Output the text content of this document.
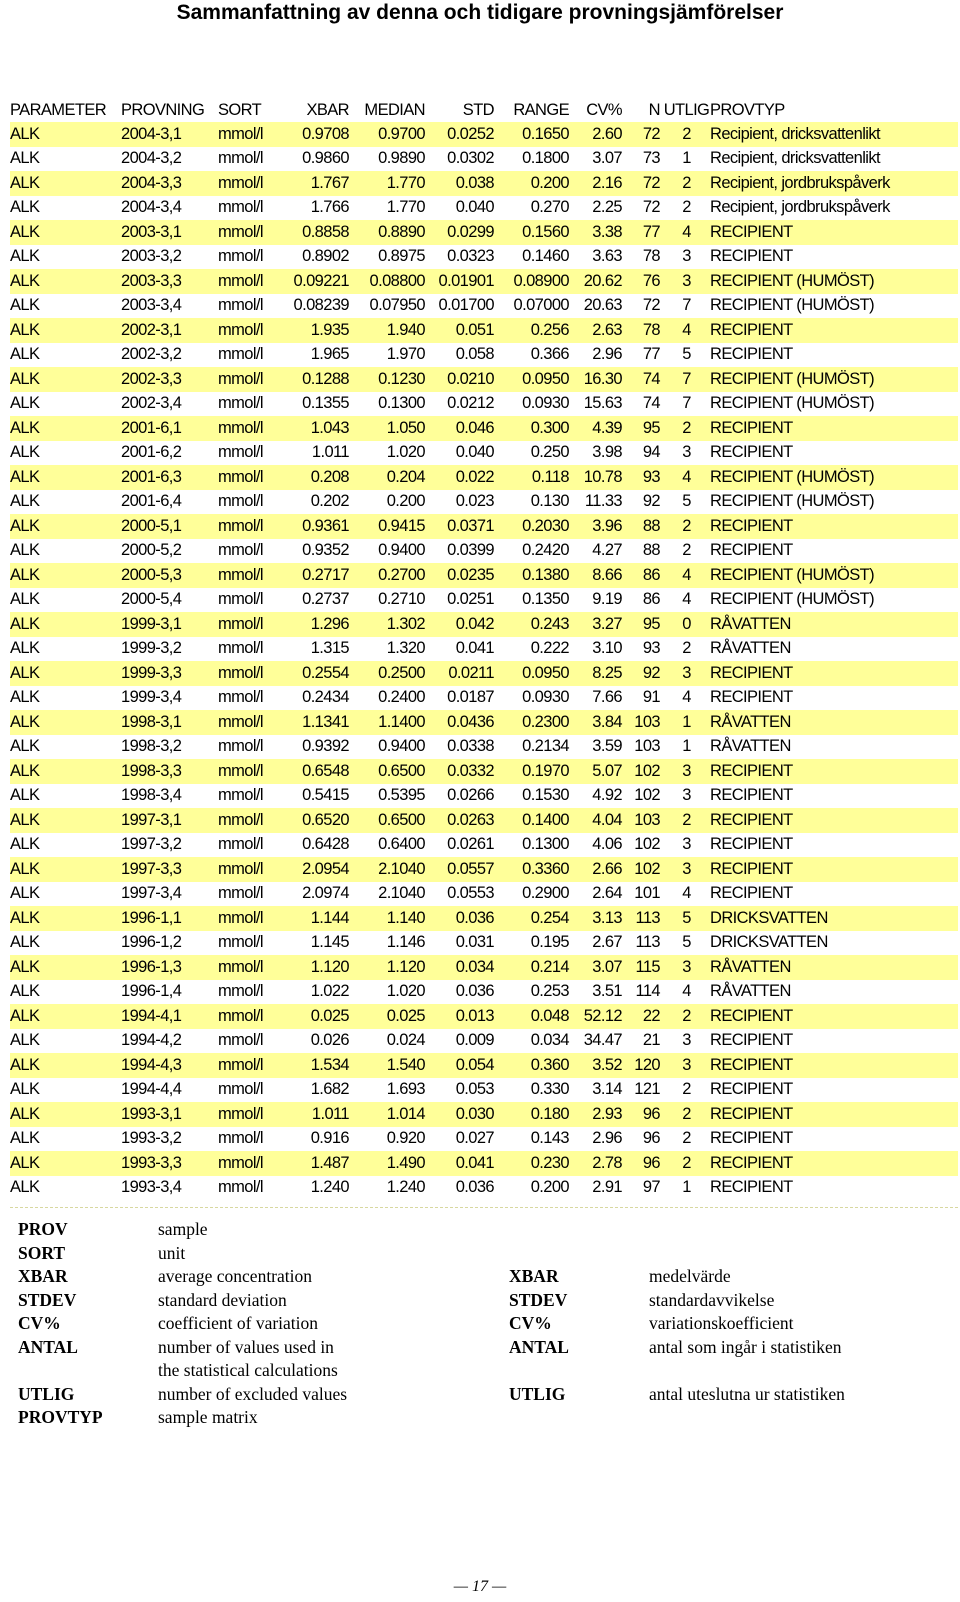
Sammanfattning av denna och tidigare provningsjämförelser
PARAMETER	PROVNING	SORT	XBAR	MEDIAN	STD	RANGE	CV%	N	UTLIG	PROVTYP
ALK	2004-3,1	mmol/l	0.9708	0.9700	0.0252	0.1650	2.60	72	2	Recipient, dricksvattenlikt
ALK	2004-3,2	mmol/l	0.9860	0.9890	0.0302	0.1800	3.07	73	1	Recipient, dricksvattenlikt
ALK	2004-3,3	mmol/l	1.767	1.770	0.038	0.200	2.16	72	2	Recipient, jordbrukspåverk
ALK	2004-3,4	mmol/l	1.766	1.770	0.040	0.270	2.25	72	2	Recipient, jordbrukspåverk
ALK	2003-3,1	mmol/l	0.8858	0.8890	0.0299	0.1560	3.38	77	4	RECIPIENT
ALK	2003-3,2	mmol/l	0.8902	0.8975	0.0323	0.1460	3.63	78	3	RECIPIENT
ALK	2003-3,3	mmol/l	0.09221	0.08800	0.01901	0.08900	20.62	76	3	RECIPIENT (HUMÖST)
ALK	2003-3,4	mmol/l	0.08239	0.07950	0.01700	0.07000	20.63	72	7	RECIPIENT (HUMÖST)
ALK	2002-3,1	mmol/l	1.935	1.940	0.051	0.256	2.63	78	4	RECIPIENT
ALK	2002-3,2	mmol/l	1.965	1.970	0.058	0.366	2.96	77	5	RECIPIENT
ALK	2002-3,3	mmol/l	0.1288	0.1230	0.0210	0.0950	16.30	74	7	RECIPIENT (HUMÖST)
ALK	2002-3,4	mmol/l	0.1355	0.1300	0.0212	0.0930	15.63	74	7	RECIPIENT (HUMÖST)
ALK	2001-6,1	mmol/l	1.043	1.050	0.046	0.300	4.39	95	2	RECIPIENT
ALK	2001-6,2	mmol/l	1.011	1.020	0.040	0.250	3.98	94	3	RECIPIENT
ALK	2001-6,3	mmol/l	0.208	0.204	0.022	0.118	10.78	93	4	RECIPIENT (HUMÖST)
ALK	2001-6,4	mmol/l	0.202	0.200	0.023	0.130	11.33	92	5	RECIPIENT (HUMÖST)
ALK	2000-5,1	mmol/l	0.9361	0.9415	0.0371	0.2030	3.96	88	2	RECIPIENT
ALK	2000-5,2	mmol/l	0.9352	0.9400	0.0399	0.2420	4.27	88	2	RECIPIENT
ALK	2000-5,3	mmol/l	0.2717	0.2700	0.0235	0.1380	8.66	86	4	RECIPIENT (HUMÖST)
ALK	2000-5,4	mmol/l	0.2737	0.2710	0.0251	0.1350	9.19	86	4	RECIPIENT (HUMÖST)
ALK	1999-3,1	mmol/l	1.296	1.302	0.042	0.243	3.27	95	0	RÅVATTEN
ALK	1999-3,2	mmol/l	1.315	1.320	0.041	0.222	3.10	93	2	RÅVATTEN
ALK	1999-3,3	mmol/l	0.2554	0.2500	0.0211	0.0950	8.25	92	3	RECIPIENT
ALK	1999-3,4	mmol/l	0.2434	0.2400	0.0187	0.0930	7.66	91	4	RECIPIENT
ALK	1998-3,1	mmol/l	1.1341	1.1400	0.0436	0.2300	3.84	103	1	RÅVATTEN
ALK	1998-3,2	mmol/l	0.9392	0.9400	0.0338	0.2134	3.59	103	1	RÅVATTEN
ALK	1998-3,3	mmol/l	0.6548	0.6500	0.0332	0.1970	5.07	102	3	RECIPIENT
ALK	1998-3,4	mmol/l	0.5415	0.5395	0.0266	0.1530	4.92	102	3	RECIPIENT
ALK	1997-3,1	mmol/l	0.6520	0.6500	0.0263	0.1400	4.04	103	2	RECIPIENT
ALK	1997-3,2	mmol/l	0.6428	0.6400	0.0261	0.1300	4.06	102	3	RECIPIENT
ALK	1997-3,3	mmol/l	2.0954	2.1040	0.0557	0.3360	2.66	102	3	RECIPIENT
ALK	1997-3,4	mmol/l	2.0974	2.1040	0.0553	0.2900	2.64	101	4	RECIPIENT
ALK	1996-1,1	mmol/l	1.144	1.140	0.036	0.254	3.13	113	5	DRICKSVATTEN
ALK	1996-1,2	mmol/l	1.145	1.146	0.031	0.195	2.67	113	5	DRICKSVATTEN
ALK	1996-1,3	mmol/l	1.120	1.120	0.034	0.214	3.07	115	3	RÅVATTEN
ALK	1996-1,4	mmol/l	1.022	1.020	0.036	0.253	3.51	114	4	RÅVATTEN
ALK	1994-4,1	mmol/l	0.025	0.025	0.013	0.048	52.12	22	2	RECIPIENT
ALK	1994-4,2	mmol/l	0.026	0.024	0.009	0.034	34.47	21	3	RECIPIENT
ALK	1994-4,3	mmol/l	1.534	1.540	0.054	0.360	3.52	120	3	RECIPIENT
ALK	1994-4,4	mmol/l	1.682	1.693	0.053	0.330	3.14	121	2	RECIPIENT
ALK	1993-3,1	mmol/l	1.011	1.014	0.030	0.180	2.93	96	2	RECIPIENT
ALK	1993-3,2	mmol/l	0.916	0.920	0.027	0.143	2.96	96	2	RECIPIENT
ALK	1993-3,3	mmol/l	1.487	1.490	0.041	0.230	2.78	96	2	RECIPIENT
ALK	1993-3,4	mmol/l	1.240	1.240	0.036	0.200	2.91	97	1	RECIPIENT
PROV	sample
SORT	unit
XBAR	average concentration
STDEV	standard deviation
CV%	coefficient of variation
ANTAL	number of values used in
	the statistical calculations
UTLIG	number of excluded values
PROVTYP	sample matrix
XBAR	medelvärde
STDEV	standardavvikelse
CV%	variationskoefficient
ANTAL	antal som ingår i statistiken

UTLIG	antal uteslutna ur statistiken
— 17 —
